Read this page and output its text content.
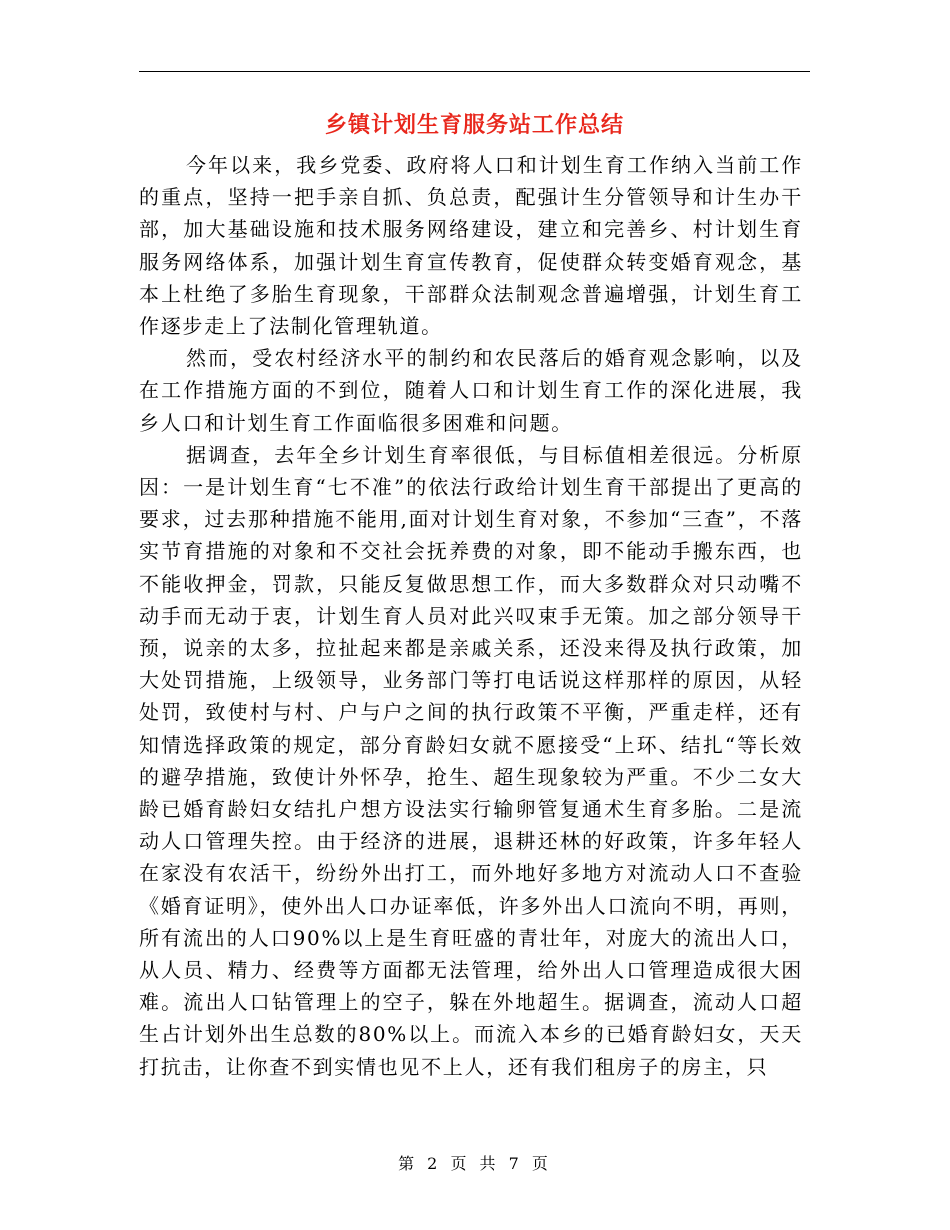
乡镇计划生育服务站工作总结

今年以来，我乡党委、政府将人口和计划生育工作纳入当前工作的重点，坚持一把手亲自抓、负总责，配强计生分管领导和计生办干部，加大基础设施和技术服务网络建设，建立和完善乡、村计划生育服务网络体系，加强计划生育宣传教育，促使群众转变婚育观念，基本上杜绝了多胎生育现象，干部群众法制观念普遍增强，计划生育工作逐步走上了法制化管理轨道。

然而，受农村经济水平的制约和农民落后的婚育观念影响，以及在工作措施方面的不到位，随着人口和计划生育工作的深化进展，我乡人口和计划生育工作面临很多困难和问题。

据调查，去年全乡计划生育率很低，与目标值相差很远。分析原因：一是计划生育“七不准”的依法行政给计划生育干部提出了更高的要求，过去那种措施不能用,面对计划生育对象，不参加“三查”，不落实节育措施的对象和不交社会抚养费的对象，即不能动手搬东西，也不能收押金，罚款，只能反复做思想工作，而大多数群众对只动嘴不动手而无动于衷，计划生育人员对此兴叹束手无策。加之部分领导干预，说亲的太多，拉扯起来都是亲戚关系，还没来得及执行政策，加大处罚措施，上级领导，业务部门等打电话说这样那样的原因，从轻处罚，致使村与村、户与户之间的执行政策不平衡，严重走样，还有知情选择政策的规定，部分育龄妇女就不愿接受“上环、结扎“等长效的避孕措施，致使计外怀孕，抢生、超生现象较为严重。不少二女大龄已婚育龄妇女结扎户想方设法实行输卵管复通术生育多胎。二是流动人口管理失控。由于经济的进展，退耕还林的好政策，许多年轻人在家没有农活干，纷纷外出打工，而外地好多地方对流动人口不查验《婚育证明》，使外出人口办证率低，许多外出人口流向不明，再则，所有流出的人口90%以上是生育旺盛的青壮年，对庞大的流出人口，从人员、精力、经费等方面都无法管理，给外出人口管理造成很大困难。流出人口钻管理上的空子，躲在外地超生。据调查，流动人口超生占计划外出生总数的80%以上。而流入本乡的已婚育龄妇女，天天打抗击，让你查不到实情也见不上人，还有我们租房子的房主，只

第 2 页 共 7 页
